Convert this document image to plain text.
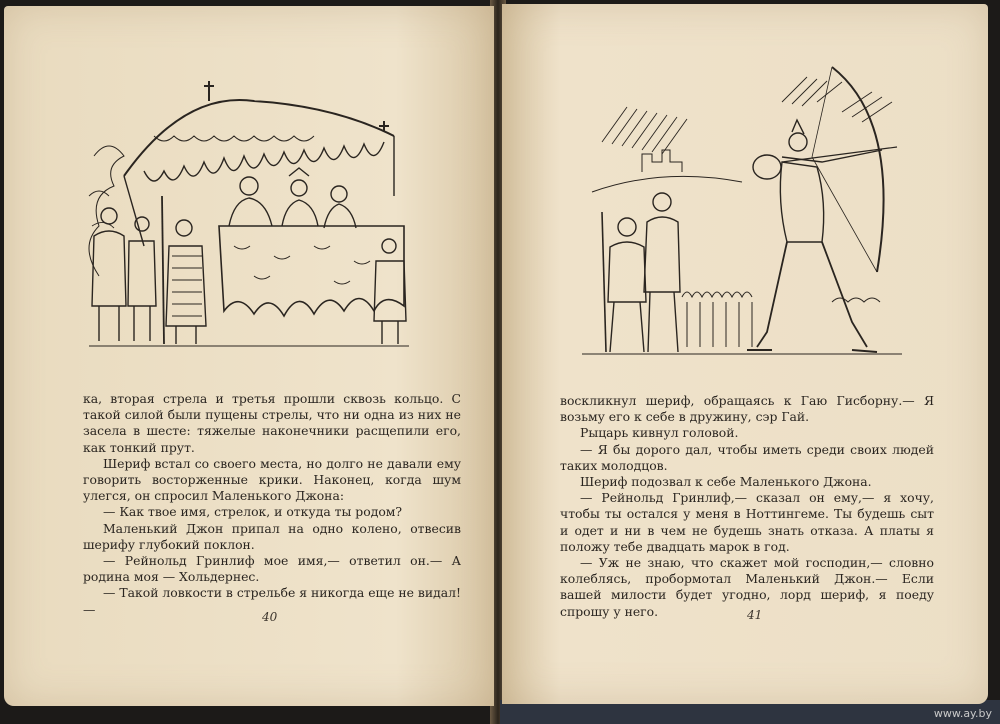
ка, вторая стрела и третья прошли сквозь кольцо. С такой силой были пущены стрелы, что ни одна из них не засела в шесте: тяжелые наконечники расщепили его, как тонкий прут.

Шериф встал со своего места, но долго не давали ему говорить восторженные крики. Наконец, когда шум улегся, он спросил Маленького Джона:

— Как твое имя, стрелок, и откуда ты родом?

Маленький Джон припал на одно колено, отвесив шерифу глубокий поклон.

— Рейнольд Гринлиф мое имя,— ответил он.— А родина моя — Хольдернес.

— Такой ловкости в стрельбе я никогда еще не видал! —

40

воскликнул шериф, обращаясь к Гаю Гисборну.— Я возьму его к себе в дружину, сэр Гай.

Рыцарь кивнул головой.

— Я бы дорого дал, чтобы иметь среди своих людей таких молодцов.

Шериф подозвал к себе Маленького Джона.

— Рейнольд Гринлиф,— сказал он ему,— я хочу, чтобы ты остался у меня в Ноттингеме. Ты будешь сыт и одет и ни в чем не будешь знать отказа. А платы я положу тебе двадцать марок в год.

— Уж не знаю, что скажет мой господин,— словно колеблясь, пробормотал Маленький Джон.— Если вашей милости будет угодно, лорд шериф, я поеду спрошу у него.	41
www.ay.by
